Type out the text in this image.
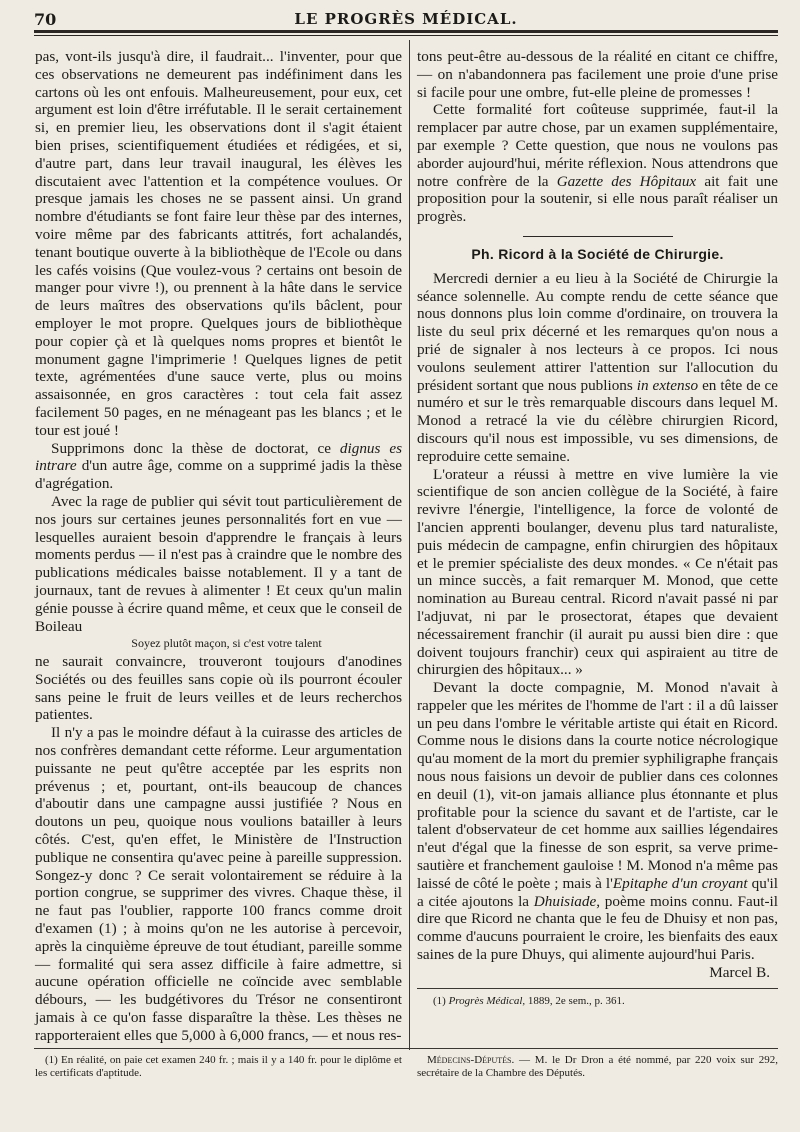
70	LE PROGRÈS MÉDICAL.

pas, vont-ils jusqu'à dire, il faudrait... l'inventer, pour que ces observations ne demeurent pas indéfiniment dans les cartons où les ont enfouis. Malheureusement, pour eux, cet argument est loin d'être irréfutable. Il le serait certainement si, en premier lieu, les observations dont il s'agit étaient bien prises, scientifiquement étudiées et rédigées, et si, d'autre part, dans leur travail inaugural, les élèves les discutaient avec l'attention et la compétence voulues. Or presque jamais les choses ne se passent ainsi. Un grand nombre d'étudiants se font faire leur thèse par des internes, voire même par des fabricants attitrés, fort achalandés, tenant boutique ouverte à la bibliothèque de l'Ecole ou dans les cafés voisins (Que voulez-vous ? certains ont besoin de manger pour vivre !), ou prennent à la hâte dans le service de leurs maîtres des observations qu'ils bâclent, pour employer le mot propre. Quelques jours de bibliothèque pour copier çà et là quelques noms propres et bientôt le monument gagne l'imprimerie ! Quelques lignes de petit texte, agrémentées d'une sauce verte, plus ou moins assaisonnée, en gros caractères : tout cela fait assez facilement 50 pages, en ne ménageant pas les blancs ; et le tour est joué !

Supprimons donc la thèse de doctorat, ce dignus es intrare d'un autre âge, comme on a supprimé jadis la thèse d'agrégation.

Avec la rage de publier qui sévit tout particulièrement de nos jours sur certaines jeunes personnalités fort en vue — lesquelles auraient besoin d'apprendre le français à leurs moments perdus — il n'est pas à craindre que le nombre des publications médicales baisse notablement. Il y a tant de journaux, tant de revues à alimenter ! Et ceux qu'un malin génie pousse à écrire quand même, et ceux que le conseil de Boileau

Soyez plutôt maçon, si c'est votre talent

ne saurait convaincre, trouveront toujours d'anodines Sociétés ou des feuilles sans copie où ils pourront écouler sans peine le fruit de leurs veilles et de leurs recherchos patientes.

Il n'y a pas le moindre défaut à la cuirasse des articles de nos confrères demandant cette réforme. Leur argumentation puissante ne peut qu'être acceptée par les esprits non prévenus ; et, pourtant, ont-ils beaucoup de chances d'aboutir dans une campagne aussi justifiée ? Nous en doutons un peu, quoique nous voulions batailler à leurs côtés. C'est, qu'en effet, le Ministère de l'Instruction publique ne consentira qu'avec peine à pareille suppression. Songez-y donc ? Ce serait volontairement se réduire à la portion congrue, se supprimer des vivres. Chaque thèse, il ne faut pas l'oublier, rapporte 100 francs comme droit d'examen (1) ; à moins qu'on ne les autorise à percevoir, après la cinquième épreuve de tout étudiant, pareille somme — formalité qui sera assez difficile à faire admettre, si aucune opération officielle ne coïncide avec semblable débours, — les budgétivores du Trésor ne consentiront jamais à ce qu'on fasse disparaître la thèse. Les thèses ne rapporteraient elles que 5,000 à 6,000 francs, — et nous res-

tons peut-être au-dessous de la réalité en citant ce chiffre, — on n'abandonnera pas facilement une proie d'une prise si facile pour une ombre, fut-elle pleine de promesses !

Cette formalité fort coûteuse supprimée, faut-il la remplacer par autre chose, par un examen supplémentaire, par exemple ? Cette question, que nous ne voulons pas aborder aujourd'hui, mérite réflexion. Nous attendrons que notre confrère de la Gazette des Hôpitaux ait fait une proposition pour la soutenir, si elle nous paraît réaliser un progrès.

Ph. Ricord à la Société de Chirurgie.

Mercredi dernier a eu lieu à la Société de Chirurgie la séance solennelle. Au compte rendu de cette séance que nous donnons plus loin comme d'ordinaire, on trouvera la liste du seul prix décerné et les remarques qu'on nous a prié de signaler à nos lecteurs à ce propos. Ici nous voulons seulement attirer l'attention sur l'allocution du président sortant que nous publions in extenso en tête de ce numéro et sur le très remarquable discours dans lequel M. Monod a retracé la vie du célèbre chirurgien Ricord, discours qu'il nous est impossible, vu ses dimensions, de reproduire cette semaine.

L'orateur a réussi à mettre en vive lumière la vie scientifique de son ancien collègue de la Société, à faire revivre l'énergie, l'intelligence, la force de volonté de l'ancien apprenti boulanger, devenu plus tard naturaliste, puis médecin de campagne, enfin chirurgien des hôpitaux et le premier spécialiste des deux mondes. « Ce n'était pas un mince succès, a fait remarquer M. Monod, que cette nomination au Bureau central. Ricord n'avait passé ni par l'adjuvat, ni par le prosectorat, étapes que devaient nécessairement franchir (il aurait pu aussi bien dire : que doivent toujours franchir) ceux qui aspiraient au titre de chirurgien des hôpitaux... »

Devant la docte compagnie, M. Monod n'avait à rappeler que les mérites de l'homme de l'art : il a dû laisser un peu dans l'ombre le véritable artiste qui était en Ricord. Comme nous le disions dans la courte notice nécrologique qu'au moment de la mort du premier syphiligraphe français nous nous faisions un devoir de publier dans ces colonnes en deuil (1), vit-on jamais alliance plus étonnante et plus profitable pour la science du savant et de l'artiste, car le talent d'observateur de cet homme aux saillies légendaires n'eut d'égal que la finesse de son esprit, sa verve prime-sautière et franchement gauloise ! M. Monod n'a même pas laissé de côté le poète ; mais à l'Epitaphe d'un croyant qu'il a citée ajoutons la Dhuisiade, poème moins connu. Faut-il dire que Ricord ne chanta que le feu de Dhuisy et non pas, comme d'aucuns pourraient le croire, les bienfaits des eaux saines de la pure Dhuys, qui alimente aujourd'hui Paris.

Marcel B.

(1) Progrès Médical, 1889, 2e sem., p. 361.

(1) En réalité, on paie cet examen 240 fr. ; mais il y a 140 fr. pour le diplôme et les certificats d'aptitude.

Médecins-Députés. — M. le Dr Dron a été nommé, par 220 voix sur 292, secrétaire de la Chambre des Députés.
